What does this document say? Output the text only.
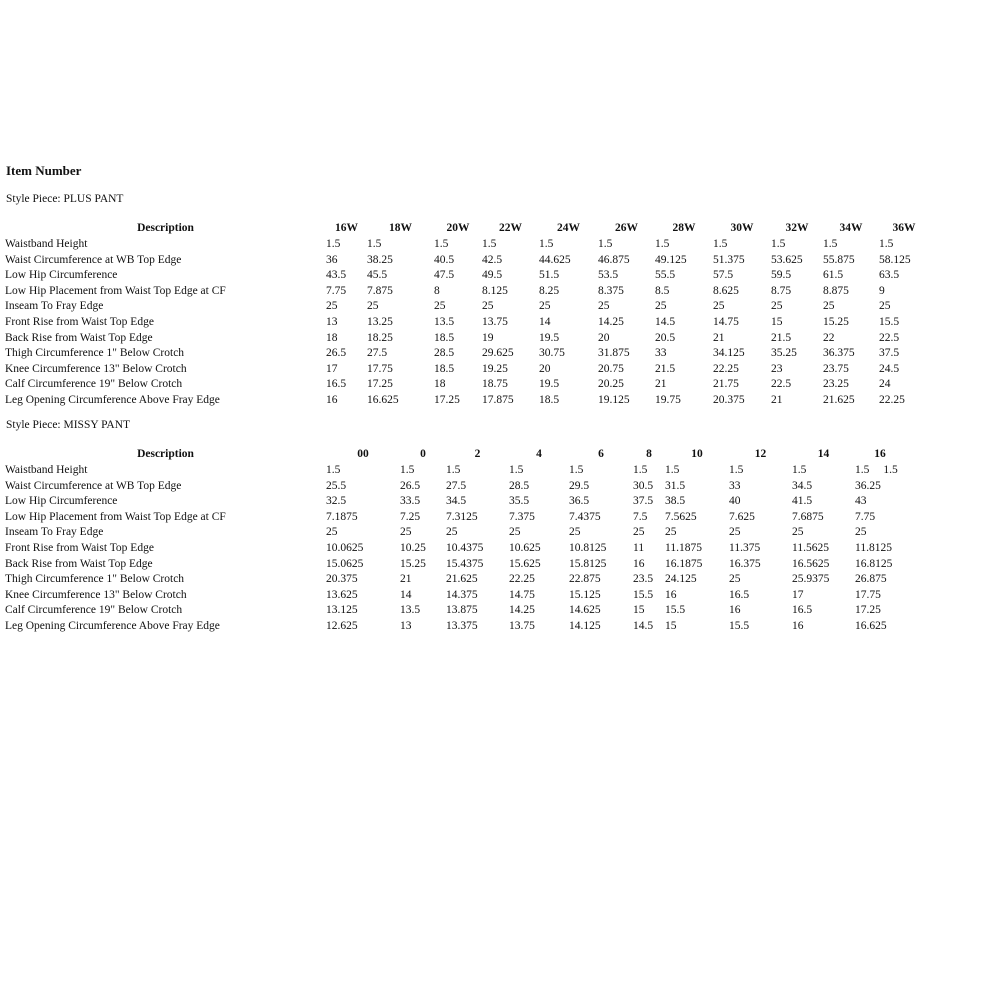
Item Number
Style Piece: PLUS PANT
Description	16W	18W	20W	22W	24W	26W	28W	30W	32W	34W	36W
Waistband Height	1.5	1.5	1.5	1.5	1.5	1.5	1.5	1.5	1.5	1.5	1.5
Waist Circumference at WB Top Edge	36	38.25	40.5	42.5	44.625	46.875	49.125	51.375	53.625	55.875	58.125
Low Hip Circumference	43.5	45.5	47.5	49.5	51.5	53.5	55.5	57.5	59.5	61.5	63.5
Low Hip Placement from Waist Top Edge at CF	7.75	7.875	8	8.125	8.25	8.375	8.5	8.625	8.75	8.875	9
Inseam To Fray Edge	25	25	25	25	25	25	25	25	25	25	25
Front Rise from Waist Top Edge	13	13.25	13.5	13.75	14	14.25	14.5	14.75	15	15.25	15.5
Back Rise from Waist Top Edge	18	18.25	18.5	19	19.5	20	20.5	21	21.5	22	22.5
Thigh Circumference 1" Below Crotch	26.5	27.5	28.5	29.625	30.75	31.875	33	34.125	35.25	36.375	37.5
Knee Circumference 13" Below Crotch	17	17.75	18.5	19.25	20	20.75	21.5	22.25	23	23.75	24.5
Calf Circumference 19" Below Crotch	16.5	17.25	18	18.75	19.5	20.25	21	21.75	22.5	23.25	24
Leg Opening Circumference Above Fray Edge	16	16.625	17.25	17.875	18.5	19.125	19.75	20.375	21	21.625	22.25
Style Piece: MISSY PANT
Description	00	0	2	4	6	8	10	12	14	16
Waistband Height	1.5	1.5	1.5	1.5	1.5	1.5	1.5	1.5	1.5	1.5 1.5
Waist Circumference at WB Top Edge	25.5	26.5	27.5	28.5	29.5	30.5	31.5	33	34.5	36.25
Low Hip Circumference	32.5	33.5	34.5	35.5	36.5	37.5	38.5	40	41.5	43
Low Hip Placement from Waist Top Edge at CF	7.1875	7.25	7.3125	7.375	7.4375	7.5	7.5625	7.625	7.6875	7.75
Inseam To Fray Edge	25	25	25	25	25	25	25	25	25	25
Front Rise from Waist Top Edge	10.0625	10.25	10.4375	10.625	10.8125	11	11.1875	11.375	11.5625	11.8125
Back Rise from Waist Top Edge	15.0625	15.25	15.4375	15.625	15.8125	16	16.1875	16.375	16.5625	16.8125
Thigh Circumference 1" Below Crotch	20.375	21	21.625	22.25	22.875	23.5	24.125	25	25.9375	26.875
Knee Circumference 13" Below Crotch	13.625	14	14.375	14.75	15.125	15.5	16	16.5	17	17.75
Calf Circumference 19" Below Crotch	13.125	13.5	13.875	14.25	14.625	15	15.5	16	16.5	17.25
Leg Opening Circumference Above Fray Edge	12.625	13	13.375	13.75	14.125	14.5	15	15.5	16	16.625
